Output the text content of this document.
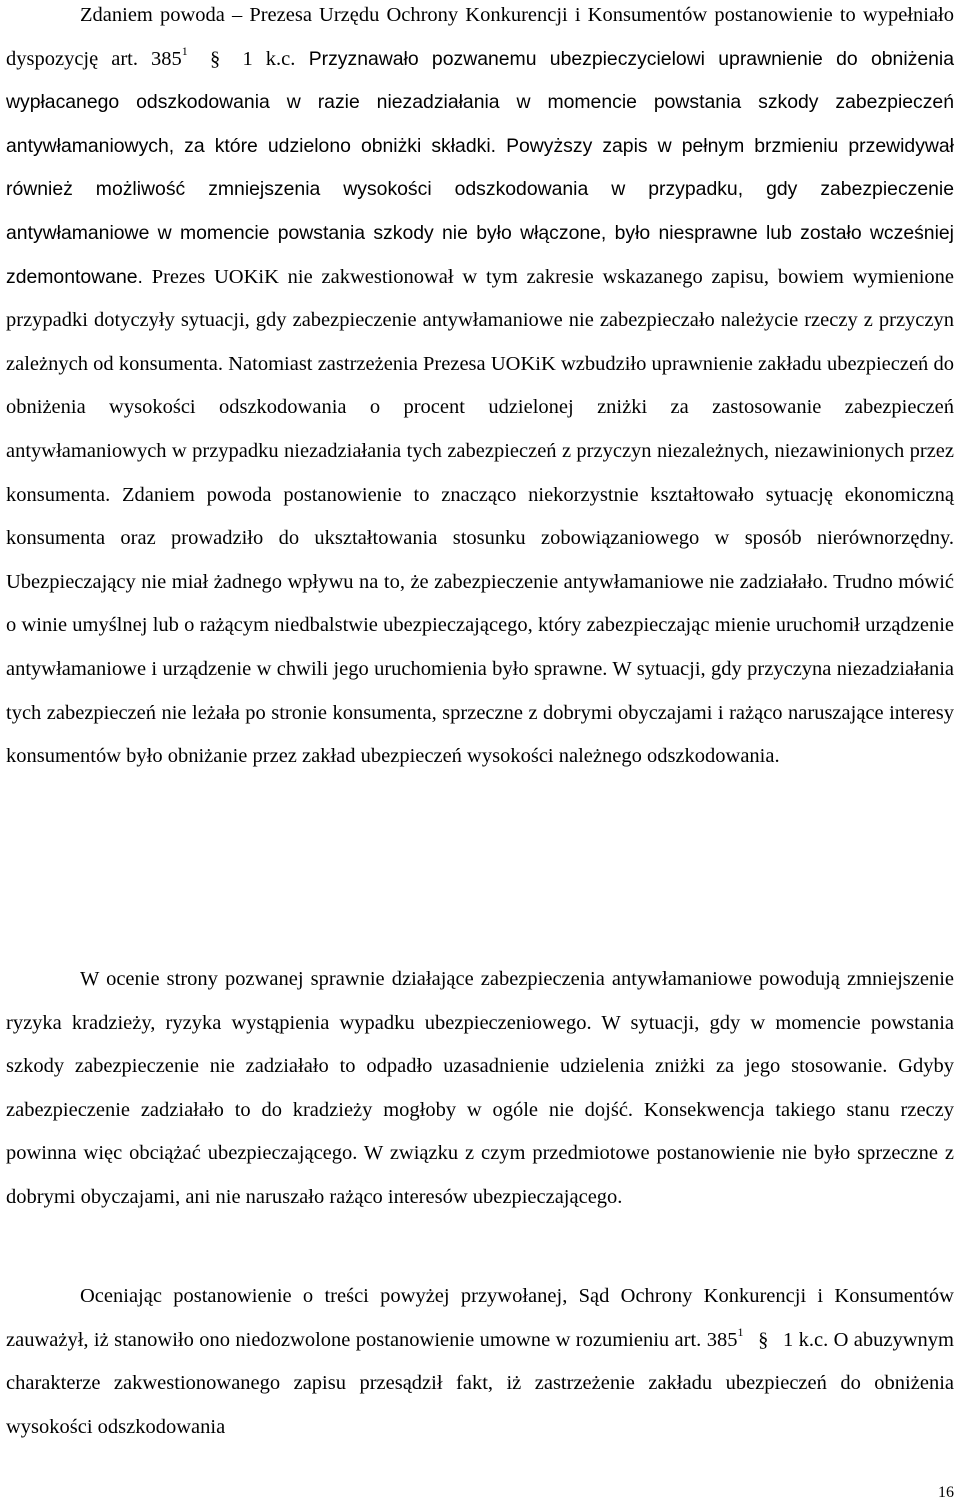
Zdaniem powoda – Prezesa Urzędu Ochrony Konkurencji i Konsumentów postanowienie to wypełniało dyspozycję art. $385^1$ § 1 k.c. Przyznawało pozwanemu ubezpieczycielowi uprawnienie do obniżenia wypłacanego odszkodowania w razie niezadziałania w momencie powstania szkody zabezpieczeń antywłamaniowych, za które udzielono obniżki składki. Powyższy zapis w pełnym brzmieniu przewidywał również możliwość zmniejszenia wysokości odszkodowania w przypadku, gdy zabezpieczenie antywłamaniowe w momencie powstania szkody nie było włączone, było niesprawne lub zostało wcześniej zdemontowane. Prezes UOKiK nie zakwestionował w tym zakresie wskazanego zapisu, bowiem wymienione przypadki dotyczyły sytuacji, gdy zabezpieczenie antywłamaniowe nie zabezpieczało należycie rzeczy z przyczyn zależnych od konsumenta. Natomiast zastrzeżenia Prezesa UOKiK wzbudziło uprawnienie zakładu ubezpieczeń do obniżenia wysokości odszkodowania o procent udzielonej zniżki za zastosowanie zabezpieczeń antywłamaniowych w przypadku niezadziałania tych zabezpieczeń z przyczyn niezależnych, niezawinionych przez konsumenta. Zdaniem powoda postanowienie to znacząco niekorzystnie kształtowało sytuację ekonomiczną konsumenta oraz prowadziło do ukształtowania stosunku zobowiązaniowego w sposób nierównorzędny. Ubezpieczający nie miał żadnego wpływu na to, że zabezpieczenie antywłamaniowe nie zadziałało. Trudno mówić o winie umyślnej lub o rażącym niedbalstwie ubezpieczającego, który zabezpieczając mienie uruchomił urządzenie antywłamaniowe i urządzenie w chwili jego uruchomienia było sprawne. W sytuacji, gdy przyczyna niezadziałania tych zabezpieczeń nie leżała po stronie konsumenta, sprzeczne z dobrymi obyczajami i rażąco naruszające interesy konsumentów było obniżanie przez zakład ubezpieczeń wysokości należnego odszkodowania.

W ocenie strony pozwanej sprawnie działające zabezpieczenia antywłamaniowe powodują zmniejszenie ryzyka kradzieży, ryzyka wystąpienia wypadku ubezpieczeniowego. W sytuacji, gdy w momencie powstania szkody zabezpieczenie nie zadziałało to odpadło uzasadnienie udzielenia zniżki za jego stosowanie. Gdyby zabezpieczenie zadziałało to do kradzieży mogłoby w ogóle nie dojść. Konsekwencja takiego stanu rzeczy powinna więc obciążać ubezpieczającego. W związku z czym przedmiotowe postanowienie nie było sprzeczne z dobrymi obyczajami, ani nie naruszało rażąco interesów ubezpieczającego.

Oceniając postanowienie o treści powyżej przywołanej, Sąd Ochrony Konkurencji i Konsumentów zauważył, iż stanowiło ono niedozwolone postanowienie umowne w rozumieniu art. $385^1$ § 1 k.c. O abuzywnym charakterze zakwestionowanego zapisu przesądził fakt, iż zastrzeżenie zakładu ubezpieczeń do obniżenia wysokości odszkodowania

16
